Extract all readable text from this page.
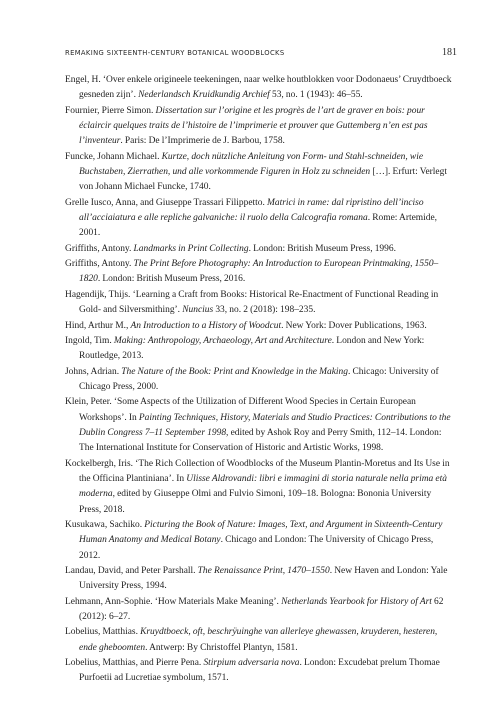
REMAKING SIXTEENTH-CENTURY BOTANICAL WOODBLOCKS	181
Engel, H. ‘Over enkele origineele teekeningen, naar welke houtblokken voor Dodonaeus’ Cruydtboeck gesneden zijn’. Nederlandsch Kruidkundig Archief 53, no. 1 (1943): 46–55.
Fournier, Pierre Simon. Dissertation sur l’origine et les progrès de l’art de graver en bois: pour éclaircir quelques traits de l’histoire de l’imprimerie et prouver que Guttemberg n’en est pas l’inventeur. Paris: De l’Imprimerie de J. Barbou, 1758.
Funcke, Johann Michael. Kurtze, doch nützliche Anleitung von Form- und Stahl-schneiden, wie Buchstaben, Zierrathen, und alle vorkommende Figuren in Holz zu schneiden […]. Erfurt: Verlegt von Johann Michael Funcke, 1740.
Grelle Iusco, Anna, and Giuseppe Trassari Filippetto. Matrici in rame: dal ripristino dell’inciso all’acciaiatura e alle repliche galvaniche: il ruolo della Calcografia romana. Rome: Artemide, 2001.
Griffiths, Antony. Landmarks in Print Collecting. London: British Museum Press, 1996.
Griffiths, Antony. The Print Before Photography: An Introduction to European Printmaking, 1550–1820. London: British Museum Press, 2016.
Hagendijk, Thijs. ‘Learning a Craft from Books: Historical Re-Enactment of Functional Reading in Gold- and Silversmithing’. Nuncius 33, no. 2 (2018): 198–235.
Hind, Arthur M., An Introduction to a History of Woodcut. New York: Dover Publications, 1963.
Ingold, Tim. Making: Anthropology, Archaeology, Art and Architecture. London and New York: Routledge, 2013.
Johns, Adrian. The Nature of the Book: Print and Knowledge in the Making. Chicago: University of Chicago Press, 2000.
Klein, Peter. ‘Some Aspects of the Utilization of Different Wood Species in Certain European Workshops’. In Painting Techniques, History, Materials and Studio Practices: Contributions to the Dublin Congress 7–11 September 1998, edited by Ashok Roy and Perry Smith, 112–14. London: The International Institute for Conservation of Historic and Artistic Works, 1998.
Kockelbergh, Iris. ‘The Rich Collection of Woodblocks of the Museum Plantin-Moretus and Its Use in the Officina Plantiniana’. In Ulisse Aldrovandi: libri e immagini di storia naturale nella prima età moderna, edited by Giuseppe Olmi and Fulvio Simoni, 109–18. Bologna: Bononia University Press, 2018.
Kusukawa, Sachiko. Picturing the Book of Nature: Images, Text, and Argument in Sixteenth-Century Human Anatomy and Medical Botany. Chicago and London: The University of Chicago Press, 2012.
Landau, David, and Peter Parshall. The Renaissance Print, 1470–1550. New Haven and London: Yale University Press, 1994.
Lehmann, Ann-Sophie. ‘How Materials Make Meaning’. Netherlands Yearbook for History of Art 62 (2012): 6–27.
Lobelius, Matthias. Kruydtboeck, oft, beschrÿuinghe van allerleye ghewassen, kruyderen, hesteren, ende gheboomten. Antwerp: By Christoffel Plantyn, 1581.
Lobelius, Matthias, and Pierre Pena. Stirpium adversaria nova. London: Excudebat prelum Thomae Purfoetii ad Lucretiae symbolum, 1571.
